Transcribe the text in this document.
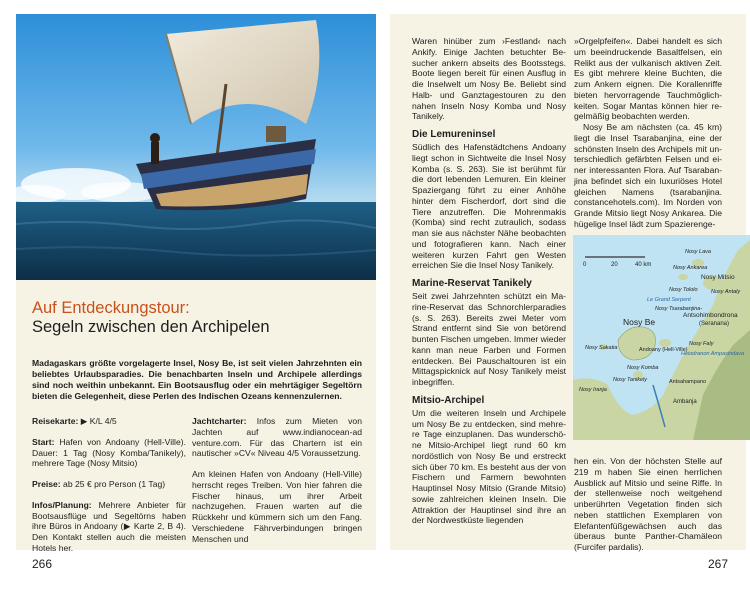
Auf Entdeckungstour:
Segeln zwischen den Archipelen

Madagaskars größte vorgelagerte Insel, Nosy Be, ist seit vielen Jahrzehnten ein beliebtes Urlaubsparadies. Die benachbarten Inseln und Archipele allerdings sind noch weithin unbekannt. Ein Bootsausflug oder ein mehrtägiger Segeltörn bieten die Gelegenheit, diese Perlen des Indischen Ozeans kennenzulernen.

Reisekarte: ▶ K/L 4/5

Start: Hafen von Andoany (Hell-Ville). Dauer: 1 Tag (Nosy Komba/Tanikely), mehrere Tage (Nosy Mitsio)

Preise: ab 25 € pro Person (1 Tag)

Infos/Planung: Mehrere Anbieter für Bootsausflüge und Segeltörns haben ihre Büros in Andoany (▶ Karte 2, B 4). Den Kontakt stellen auch die meisten Hotels her.

Jachtcharter: Infos zum Mieten von Jachten auf www.indianocean-ad venture.com. Für das Chartern ist ein nautischer »CV« Niveau 4/5 Voraussetzung.

Am kleinen Hafen von Andoany (Hell-Ville) herrscht reges Treiben. Von hier fahren die Fischer hinaus, um ihrer Arbeit nachzugehen. Frauen warten auf die Rückkehr und kümmern sich um den Fang. Verschiedene Fährverbindungen bringen Menschen und

266

Waren hinüber zum ›Festland‹ nach Ankify. Einige Jachten betuchter Besucher ankern abseits des Bootsstegs. Boote liegen bereit für einen Ausflug in die Inselwelt um Nosy Be. Beliebt sind Halb- und Ganztagestouren zu den nahen Inseln Nosy Komba und Nosy Tanikely.

Die Lemureninsel

Südlich des Hafenstädtchens Andoany liegt schon in Sichtweite die Insel Nosy Komba (s. S. 263). Sie ist berühmt für die dort lebenden Lemuren. Ein kleiner Spaziergang führt zu einer Anhöhe hinter dem Fischerdorf, dort sind die Tiere anzutreffen. Die Mohrenmakis (Komba) sind recht zutraulich, sodass man sie aus nächster Nähe beobachten und fotografieren kann. Nach einer weiteren kurzen Fahrt gen Westen erreichen Sie die Insel Nosy Tanikely.

Marine-Reservat Tanikely

Seit zwei Jahrzehnten schützt ein Marine-Reservat das Schnorchlerparadies (s. S. 263). Bereits zwei Meter vom Strand entfernt sind Sie von betörend bunten Fischen umgeben. Immer wieder kann man neue Farben und Formen entdecken. Bei Pauschaltouren ist ein Mittagspicknick auf Nosy Tanikely meist inbegriffen.

Mitsio-Archipel

Um die weiteren Inseln und Archipele um Nosy Be zu entdecken, sind mehrere Tage einzuplanen. Das wunderschöne Mitsio-Archipel liegt rund 60 km nordöstlich von Nosy Be und erstreckt sich über 70 km. Es besteht aus der von Fischern und Farmern bewohnten Hauptinsel Nosy Mitsio (Grande Mitsio) sowie zahlreichen kleinen Inseln. Die Attraktion der Hauptinsel sind ihre an der Nordwestküste liegenden

»Orgelpfeifen«. Dabei handelt es sich um beeindruckende Basaltfelsen, ein Relikt aus der vulkanisch aktiven Zeit. Es gibt mehrere kleine Buchten, die zum Ankern eignen. Die Korallenriffe bieten hervorragende Tauchmöglichkeiten. Sogar Mantas können hier regelmäßig beobachten werden.

Nosy Be am nächsten (ca. 45 km) liegt die Insel Tsarabanjina, eine der schönsten Inseln des Archipels mit unterschiedlich gefärbten Felsen und einer interessanten Flora. Auf Tsarabanjina befindet sich ein luxuriöses Hotel gleichen Namens (tsarabanjina. constancehotels.com). Im Norden von Grande Mitsio liegt Nosy Ankarea. Die hügelige Insel lädt zum Spazierenge-

hen ein. Von der höchsten Stelle auf 219 m haben Sie einen herrlichen Ausblick auf Mitsio und seine Riffe. In der stellenweise noch weitgehend unberührten Vegetation finden sich neben stattlichen Exemplaren von Elefantenfüßgewächsen auch das überaus bunte Panther-Chamäleon (Furcifer pardalis).

0	20	40 km
Nosy Lava
Nosy Ankarea
Nosy Mitsio
Nosy Tololo Nosy Antaly
Le Grand Serpent
Nosy Tsarabanjina-
Antsohimbondrona
(Seranana)
Nosy Be
Nosy Sakatia	Andoany (Hell-Ville)
Nosy Faly
Heiodranon Ampasindava
Nosy Komba
Nosy Tanikely
Ambanja
Antsahampano
Nosy Iranja
267
